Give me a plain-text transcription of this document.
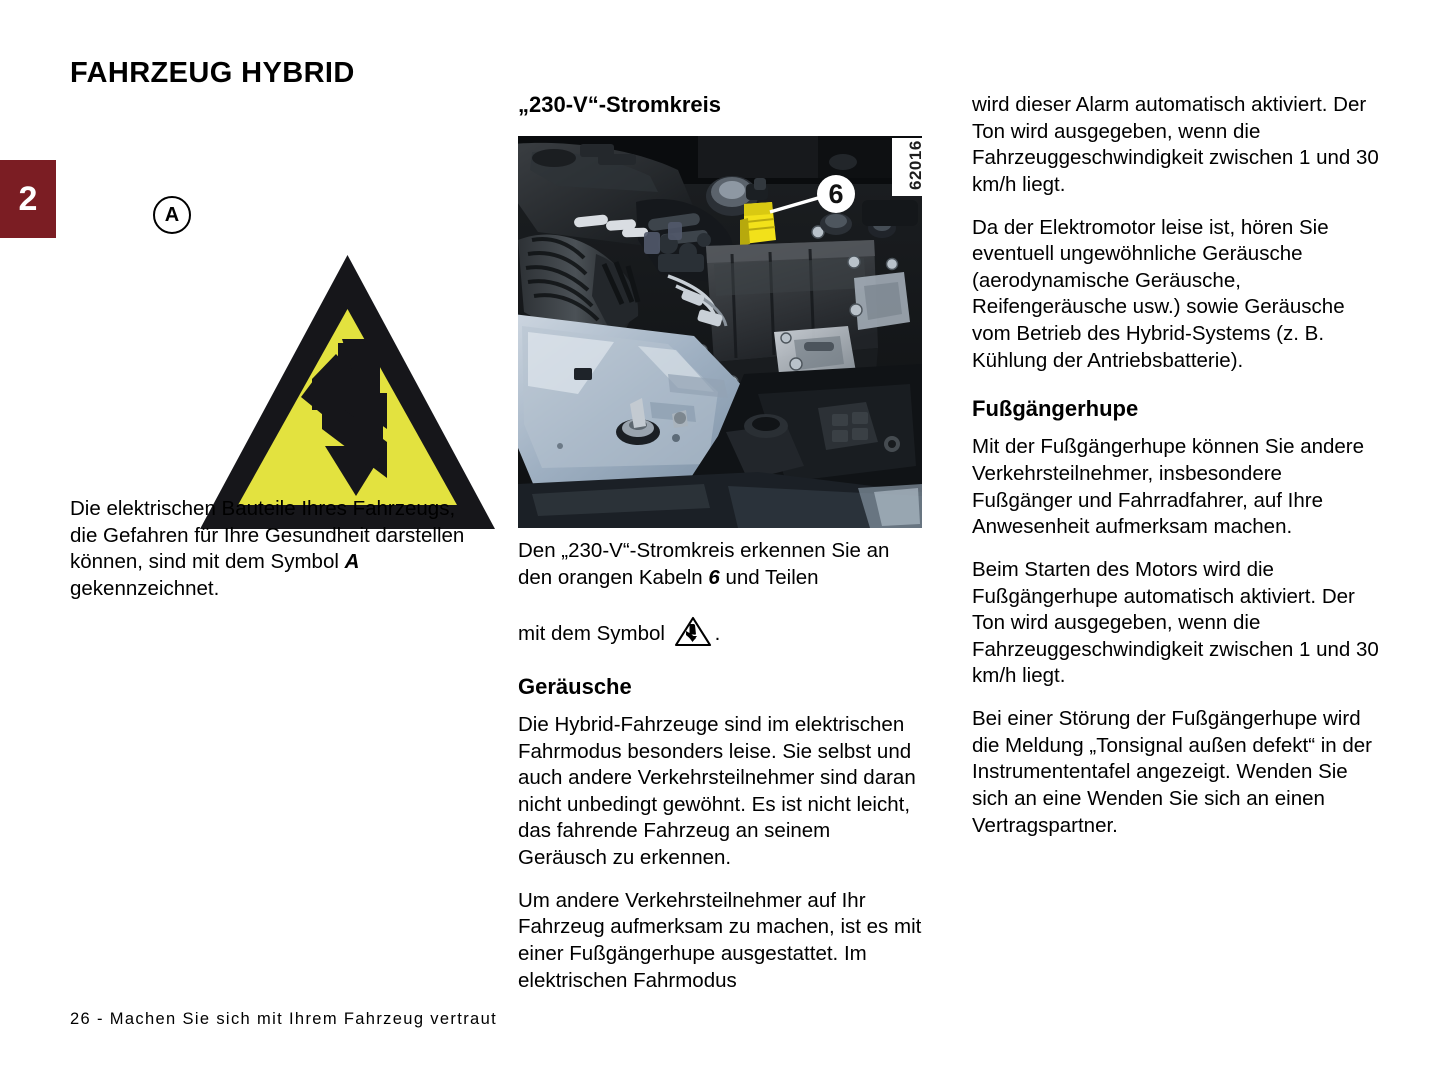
2
FAHRZEUG HYBRID
A

Die elektrischen Bauteile Ihres Fahrzeugs, die Gefahren für Ihre Gesundheit darstellen können, sind mit dem Symbol A gekennzeichnet.

„230-V“-Stromkreis
6
62016

Den „230-V“-Stromkreis erkennen Sie an den orangen Kabeln 6 und Teilen

mit dem Symbol
.

Geräusche

Die Hybrid-Fahrzeuge sind im elektrischen Fahrmodus besonders leise. Sie selbst und auch andere Verkehrsteilnehmer sind daran nicht unbedingt gewöhnt. Es ist nicht leicht, das fahrende Fahrzeug an seinem Geräusch zu erkennen.

Um andere Verkehrsteilnehmer auf Ihr Fahrzeug aufmerksam zu machen, ist es mit einer Fußgängerhupe ausgestattet. Im elektrischen Fahrmodus

wird dieser Alarm automatisch aktiviert. Der Ton wird ausgegeben, wenn die Fahrzeuggeschwindigkeit zwischen 1 und 30 km/h liegt.

Da der Elektromotor leise ist, hören Sie eventuell ungewöhnliche Geräusche (aerodynamische Geräusche, Reifengeräusche usw.) sowie Geräusche vom Betrieb des Hybrid-Systems (z. B. Kühlung der Antriebsbatterie).

Fußgängerhupe

Mit der Fußgängerhupe können Sie andere Verkehrsteilnehmer, insbesondere Fußgänger und Fahrradfahrer, auf Ihre Anwesenheit aufmerksam machen.

Beim Starten des Motors wird die Fußgängerhupe automatisch aktiviert. Der Ton wird ausgegeben, wenn die Fahrzeuggeschwindigkeit zwischen 1 und 30 km/h liegt.

Bei einer Störung der Fußgängerhupe wird die Meldung „Tonsignal außen defekt“ in der Instrumententafel angezeigt. Wenden Sie sich an eine Wenden Sie sich an einen Vertragspartner.

26 - Machen Sie sich mit Ihrem Fahrzeug vertraut
